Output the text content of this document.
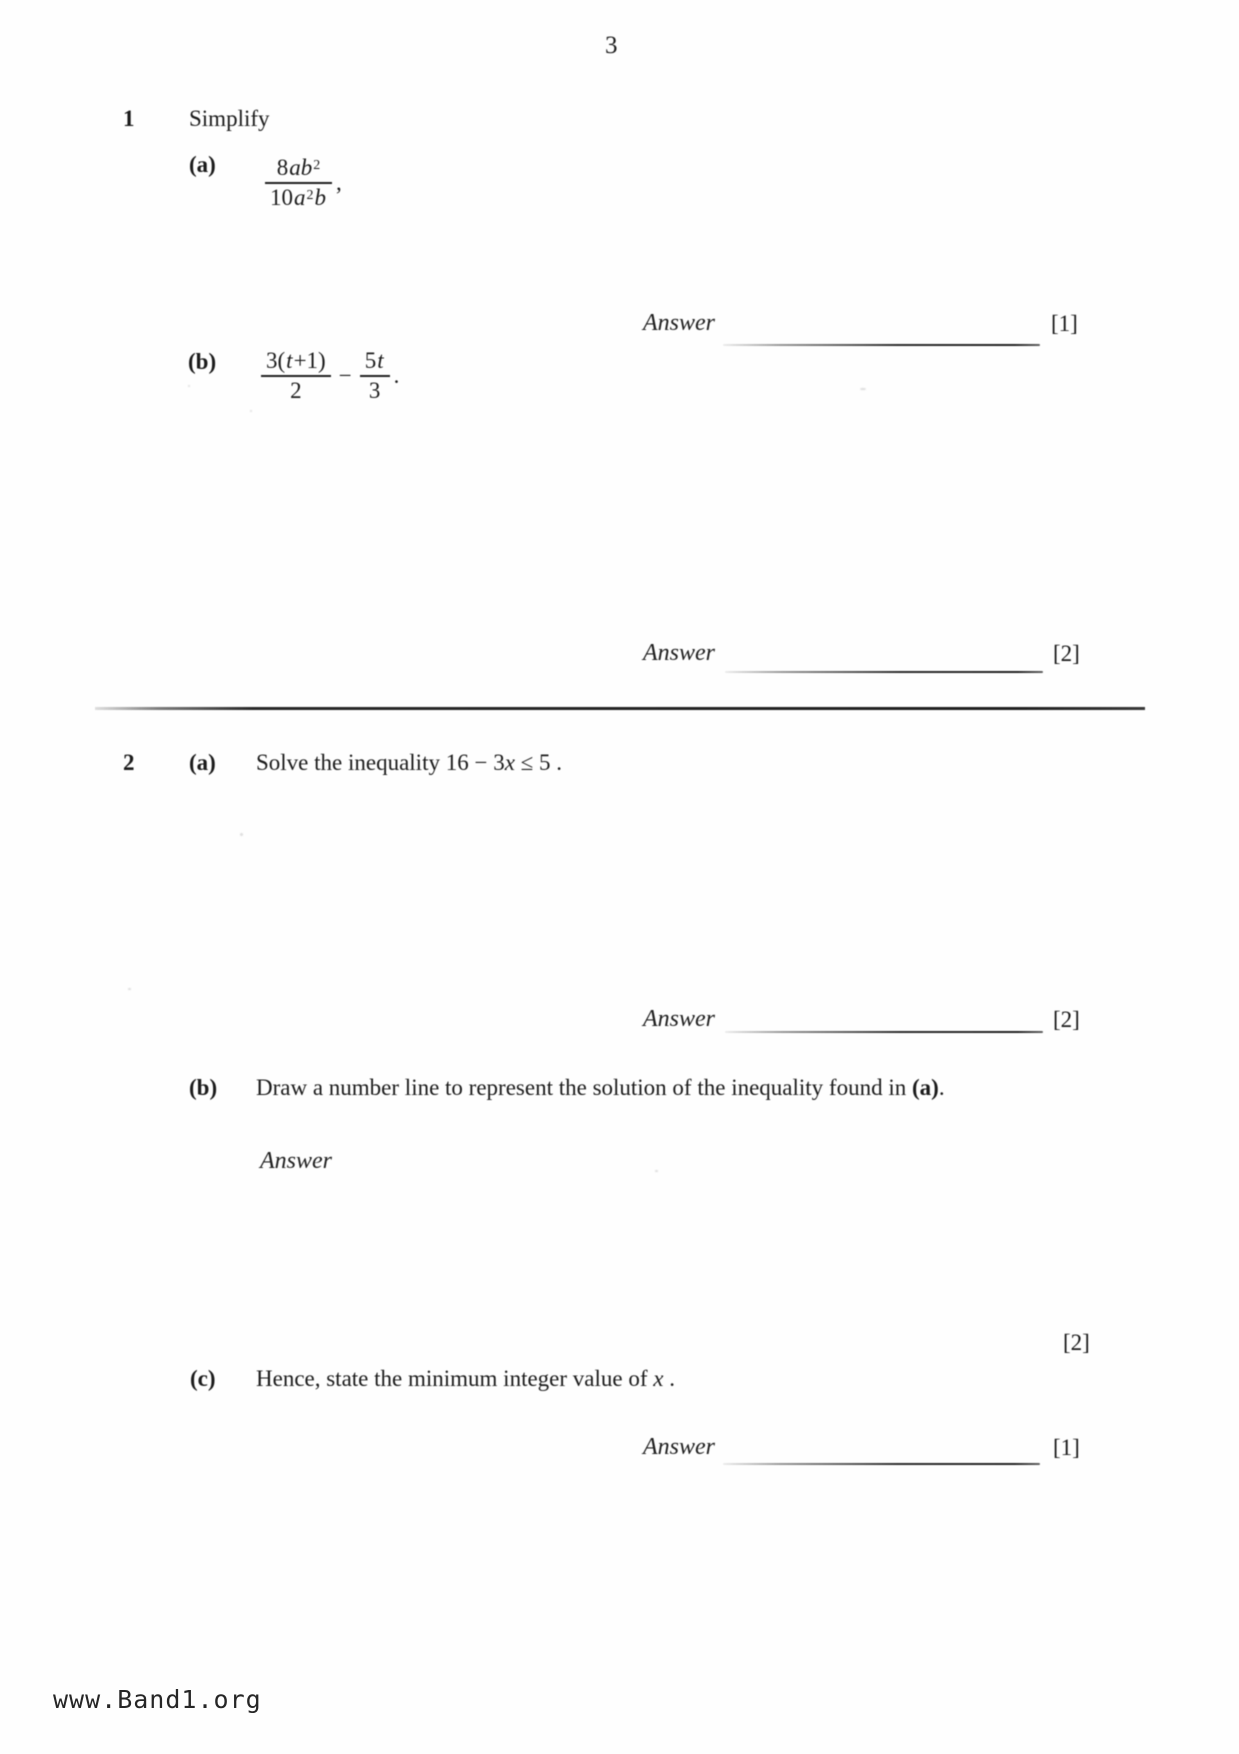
3
1 Simplify
$(a) \frac{8ab^2}{10a^2b}$ ,
Answer	[1]
$(b) \frac{3(t+1)}{2} - \frac{5t}{3}$ .
Answer	[2]
2 (a) Solve the inequality 16 − 3x ≤ 5 .
Answer	[2]
(b) Draw a number line to represent the solution of the inequality found in (a).
Answer
[2]
(c) Hence, state the minimum integer value of x .
Answer	[1]
www.Band1.org
